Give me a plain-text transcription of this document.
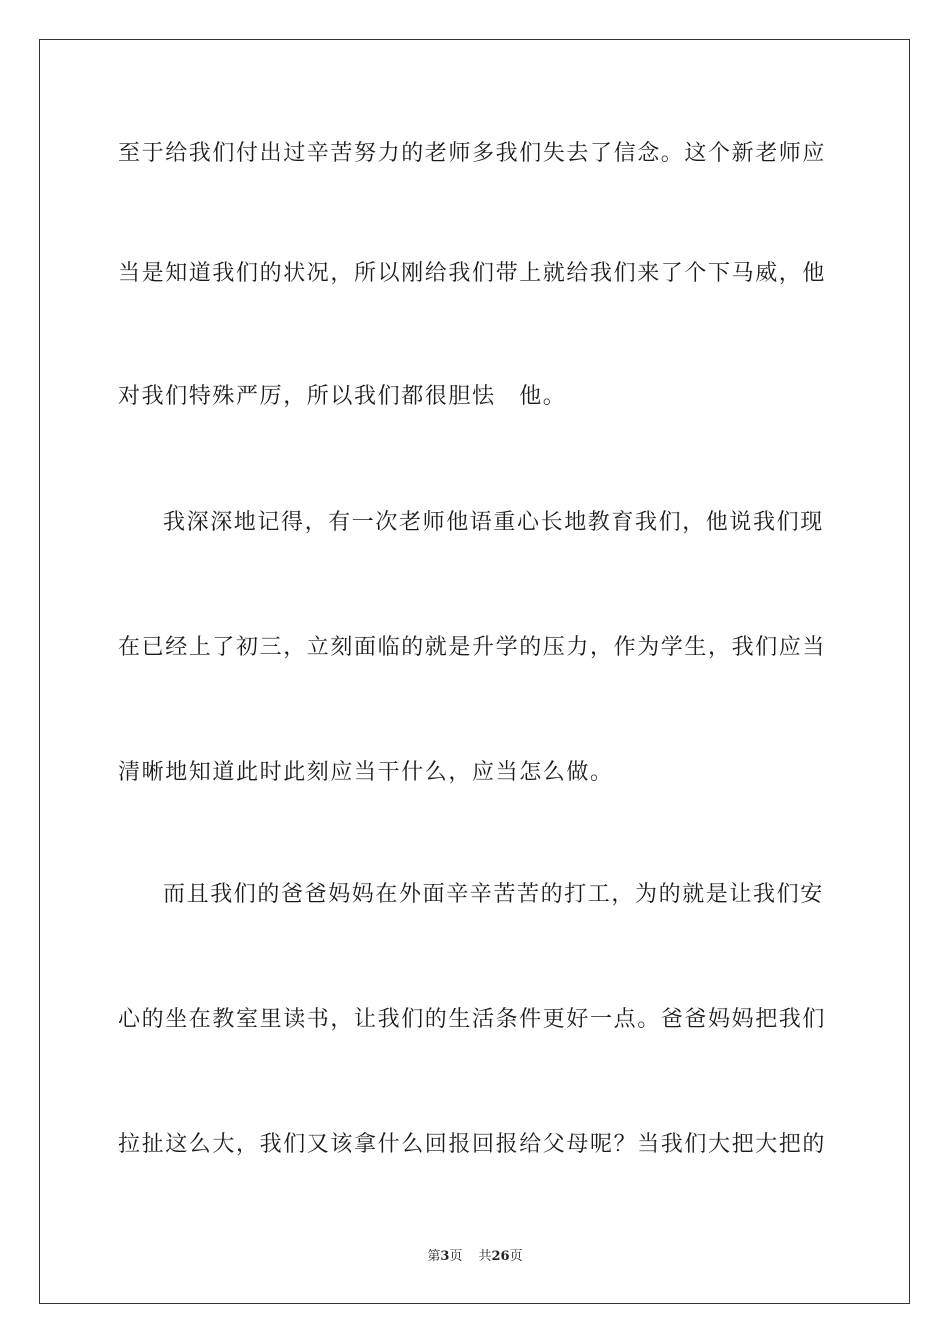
至于给我们付出过辛苦努力的老师多我们失去了信念。这个新老师应
当是知道我们的状况，所以刚给我们带上就给我们来了个下马威，他
对我们特殊严厉，所以我们都很胆怯　他。
我深深地记得，有一次老师他语重心长地教育我们，他说我们现
在已经上了初三，立刻面临的就是升学的压力，作为学生，我们应当
清晰地知道此时此刻应当干什么，应当怎么做。
而且我们的爸爸妈妈在外面辛辛苦苦的打工，为的就是让我们安
心的坐在教室里读书，让我们的生活条件更好一点。爸爸妈妈把我们
拉扯这么大，我们又该拿什么回报回报给父母呢？当我们大把大把的
第3页 共26页
